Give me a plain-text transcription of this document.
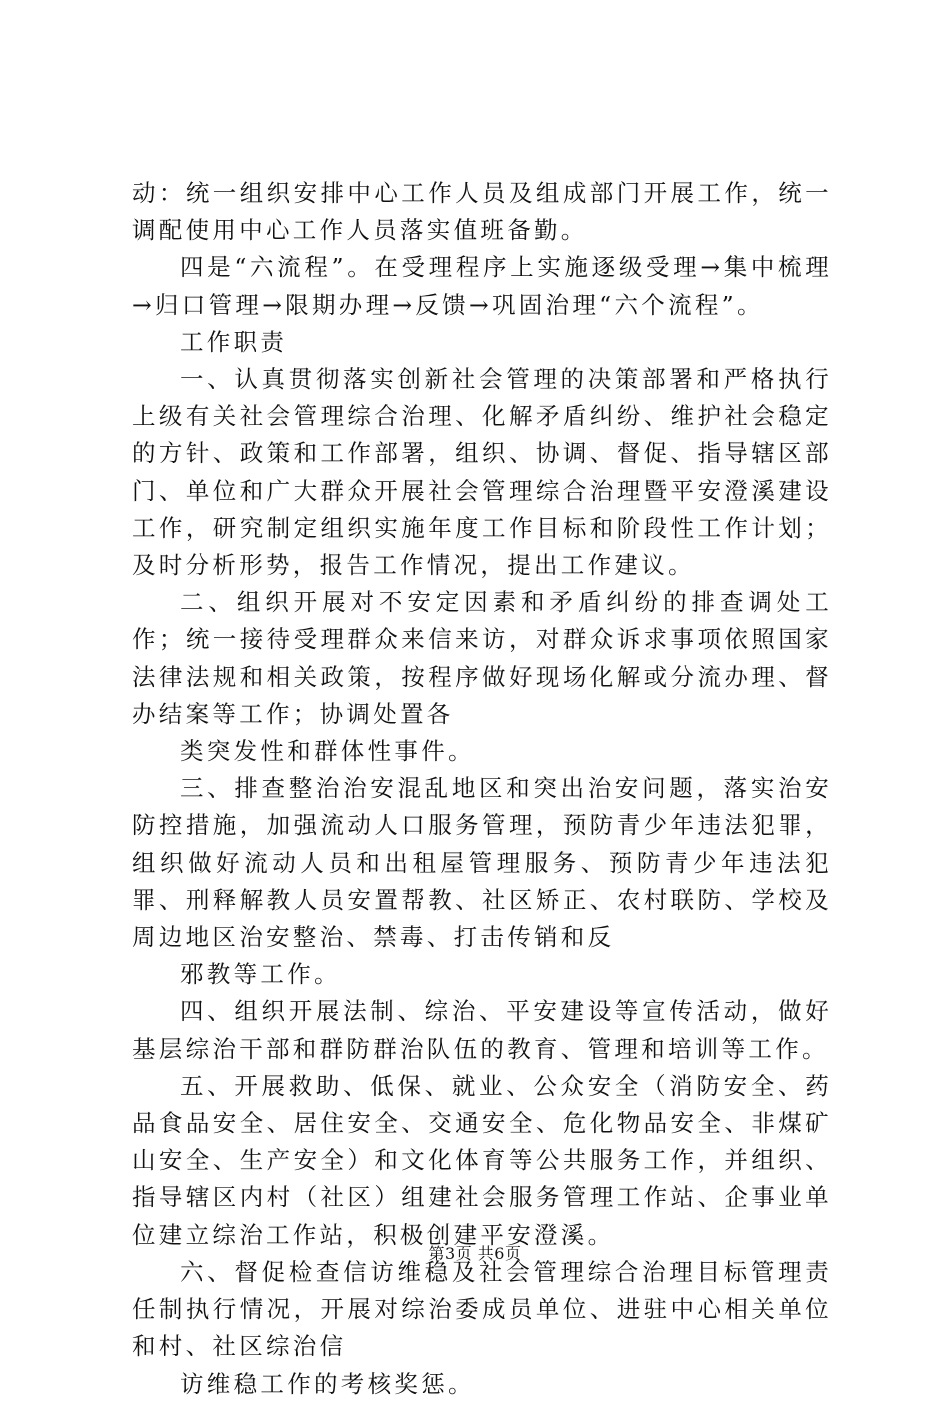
动：统一组织安排中心工作人员及组成部门开展工作，统一调配使用中心工作人员落实值班备勤。

四是“六流程”。在受理程序上实施逐级受理→集中梳理→归口管理→限期办理→反馈→巩固治理“六个流程”。

工作职责

一、认真贯彻落实创新社会管理的决策部署和严格执行上级有关社会管理综合治理、化解矛盾纠纷、维护社会稳定的方针、政策和工作部署，组织、协调、督促、指导辖区部门、单位和广大群众开展社会管理综合治理暨平安澄溪建设工作，研究制定组织实施年度工作目标和阶段性工作计划；及时分析形势，报告工作情况，提出工作建议。

二、组织开展对不安定因素和矛盾纠纷的排查调处工作；统一接待受理群众来信来访，对群众诉求事项依照国家法律法规和相关政策，按程序做好现场化解或分流办理、督办结案等工作；协调处置各

类突发性和群体性事件。

三、排查整治治安混乱地区和突出治安问题，落实治安防控措施，加强流动人口服务管理，预防青少年违法犯罪，组织做好流动人员和出租屋管理服务、预防青少年违法犯罪、刑释解教人员安置帮教、社区矫正、农村联防、学校及周边地区治安整治、禁毒、打击传销和反

邪教等工作。

四、组织开展法制、综治、平安建设等宣传活动，做好基层综治干部和群防群治队伍的教育、管理和培训等工作。

五、开展救助、低保、就业、公众安全（消防安全、药品食品安全、居住安全、交通安全、危化物品安全、非煤矿山安全、生产安全）和文化体育等公共服务工作，并组织、指导辖区内村（社区）组建社会服务管理工作站、企事业单位建立综治工作站，积极创建平安澄溪。

六、督促检查信访维稳及社会管理综合治理目标管理责任制执行情况，开展对综治委成员单位、进驻中心相关单位和村、社区综治信

访维稳工作的考核奖惩。

第3页 共6页
